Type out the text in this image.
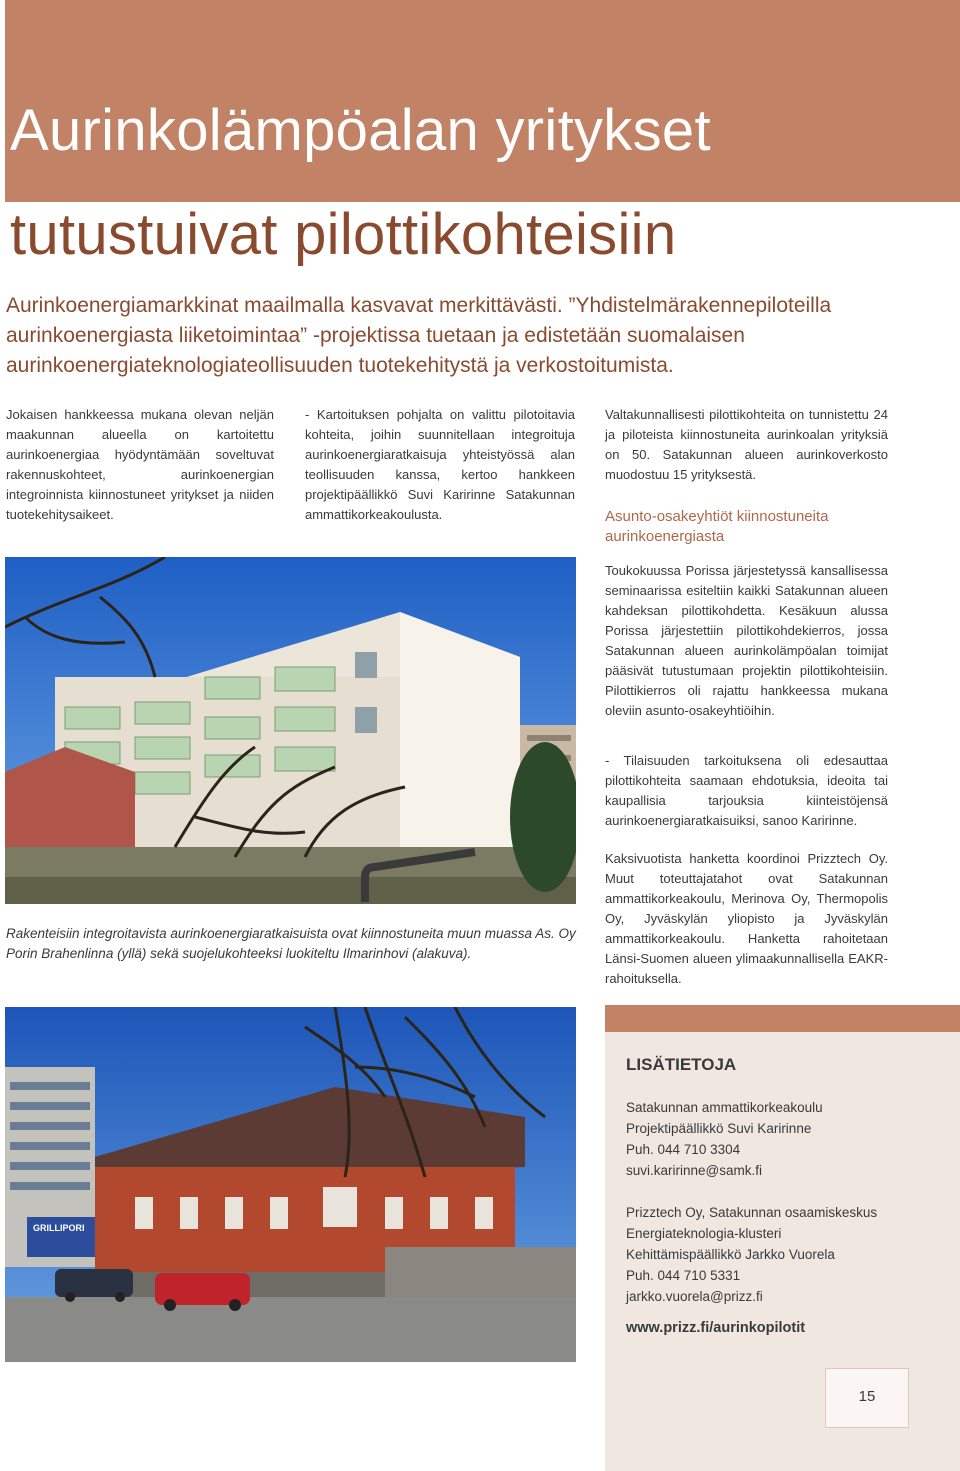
Aurinkolämpöalan yritykset
tutustuivat pilottikohteisiin

Aurinkoenergiamarkkinat maailmalla kasvavat merkittävästi. ”Yhdistelmärakennepiloteilla aurinkoenergiasta liiketoimintaa” -projektissa tuetaan ja edistetään suomalaisen aurinkoenergiateknologiateollisuuden tuotekehitystä ja verkostoitumista.

Jokaisen hankkeessa mukana olevan neljän maakunnan alueella on kartoitettu aurinkoenergiaa hyödyntämään soveltuvat rakennuskohteet, aurinkoenergian integroinnista kiinnostuneet yritykset ja niiden tuotekehitysaikeet.

- Kartoituksen pohjalta on valittu pilotoitavia kohteita, joihin suunnitellaan integroituja aurinkoenergiaratkaisuja yhteistyössä alan teollisuuden kanssa, kertoo hankkeen projektipäällikkö Suvi Karirinne Satakunnan ammattikorkeakoulusta.

Valtakunnallisesti pilottikohteita on tunnistettu 24 ja piloteista kiinnostuneita aurinkoalan yrityksiä on 50. Satakunnan alueen aurinkoverkosto muodostuu 15 yrityksestä.

Asunto-osakeyhtiöt kiinnostuneita aurinkoenergiasta

Toukokuussa Porissa järjestetyssä kansallisessa seminaarissa esiteltiin kaikki Satakunnan alueen kahdeksan pilottikohdetta. Kesäkuun alussa Porissa järjestettiin pilottikohdekierros, jossa Satakunnan alueen aurinkolämpöalan toimijat pääsivät tutustumaan projektin pilottikohteisiin. Pilottikierros oli rajattu hankkeessa mukana oleviin asunto-osakeyhtiöihin.

- Tilaisuuden tarkoituksena oli edesauttaa pilottikohteita saamaan ehdotuksia, ideoita tai kaupallisia tarjouksia kiinteistöjensä aurinkoenergiaratkaisuiksi, sanoo Karirinne.

Kaksivuotista hanketta koordinoi Prizztech Oy. Muut toteuttajatahot ovat Satakunnan ammattikorkeakoulu, Merinova Oy, Thermopolis Oy, Jyväskylän yliopisto ja Jyväskylän ammattikorkeakoulu. Hanketta rahoitetaan Länsi-Suomen alueen ylimaakunnallisella EAKR-rahoituksella.

Rakenteisiin integroitavista aurinkoenergiaratkaisuista ovat kiinnostuneita muun muassa As. Oy Porin Brahenlinna (yllä) sekä suojelukohteeksi luokiteltu Ilmarinhovi (alakuva).

GRILLIPORI
LISÄTIETOJA

Satakunnan ammattikorkeakoulu

Projektipäällikkö Suvi Karirinne

Puh. 044 710 3304

suvi.karirinne@samk.fi

Prizztech Oy, Satakunnan osaamiskeskus

Energiateknologia-klusteri

Kehittämispäällikkö Jarkko Vuorela

Puh. 044 710 5331

jarkko.vuorela@prizz.fi

www.prizz.fi/aurinkopilotit

15
